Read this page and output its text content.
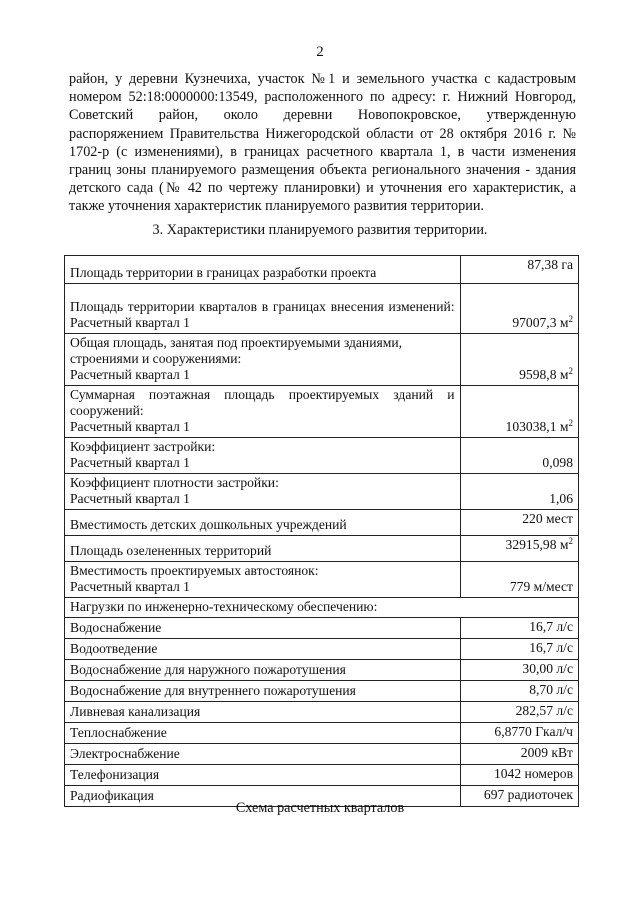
2
район, у деревни Кузнечиха, участок №1 и земельного участка с кадастровым
номером 52:18:0000000:13549, расположенного по адресу: г. Нижний Новгород,
Советский район, около деревни Новопокровское, утвержденную
распоряжением Правительства Нижегородской области от 28 октября 2016 г. №
1702-р (с изменениями), в границах расчетного квартала 1, в части изменения
границ зоны планируемого размещения объекта регионального значения - здания
детского сада (№ 42 по чертежу планировки) и уточнения его характеристик, а
также уточнения характеристик планируемого развития территории.
3. Характеристики планируемого развития территории.
Площадь территории в границах разработки проекта	87,38 га

Площадь территории кварталов в границах внесения изменений:
Расчетный квартал 1	97007,3 $м^2$

Общая площадь, занятая под проектируемыми зданиями, строениями и сооружениями:
Расчетный квартал 1	9598,8 $м^2$

Суммарная поэтажная площадь проектируемых зданий и сооружений:
Расчетный квартал 1	103038,1 $м^2$

Коэффициент застройки:
Расчетный квартал 1	0,098

Коэффициент плотности застройки:
Расчетный квартал 1	1,06

Вместимость детских дошкольных учреждений	220 мест

Площадь озелененных территорий	32915,98 $м^2$

Вместимость проектируемых автостоянок:
Расчетный квартал 1	779 м/мест
Нагрузки по инженерно-техническому обеспечению:	

Водоснабжение	16,7 л/с

Водоотведение	16,7 л/с

Водоснабжение для наружного пожаротушения	30,00 л/с

Водоснабжение для внутреннего пожаротушения	8,70 л/с

Ливневая канализация	282,57 л/с

Теплоснабжение	6,8770 Гкал/ч

Электроснабжение	2009 кВт

Телефонизация	1042 номеров

Радиофикация	697 радиоточек
Схема расчетных кварталов
